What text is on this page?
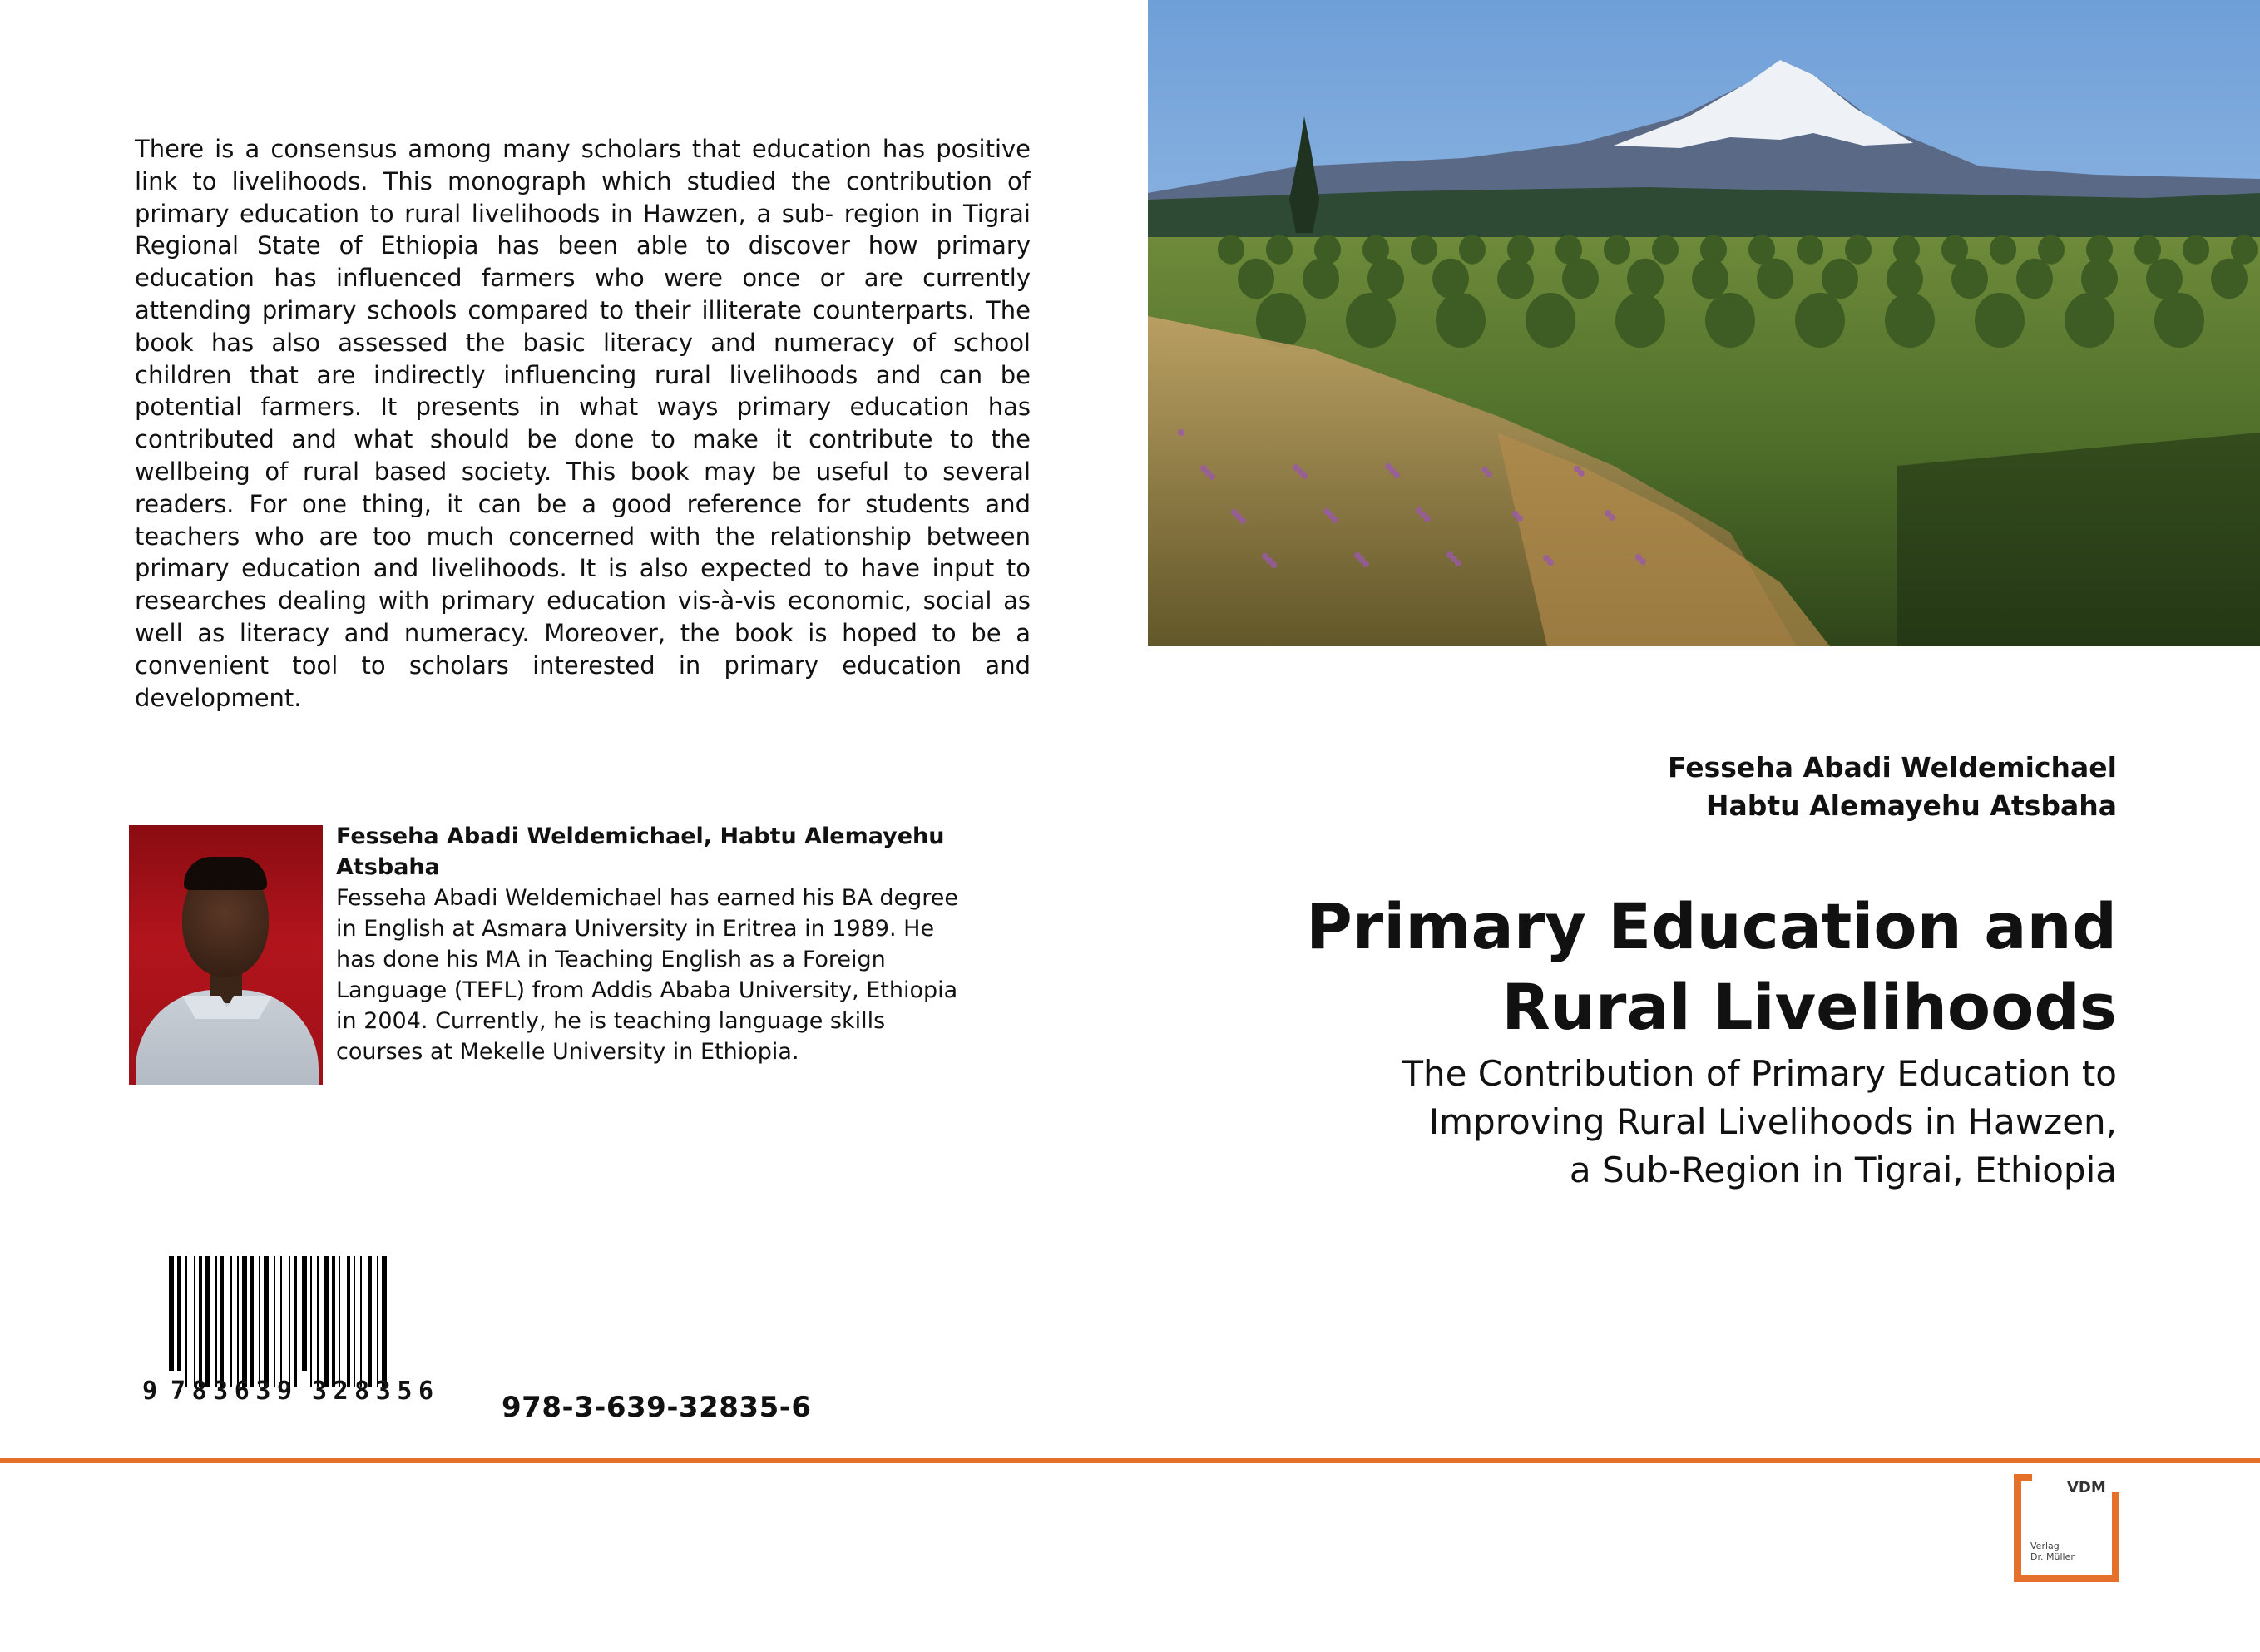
There is a consensus among many scholars that education has positive link to livelihoods. This monograph which studied the contribution of primary education to rural livelihoods in Hawzen, a sub- region in Tigrai Regional State of Ethiopia has been able to discover how primary education has influenced farmers who were once or are currently attending primary schools compared to their illiterate counterparts. The book has also assessed the basic literacy and numeracy of school children that are indirectly influencing rural livelihoods and can be potential farmers. It presents in what ways primary education has contributed and what should be done to make it contribute to the wellbeing of rural based society. This book may be useful to several readers. For one thing, it can be a good reference for students and teachers who are too much concerned with the relationship between primary education and livelihoods. It is also expected to have input to researches dealing with primary education vis-à-vis economic, social as well as literacy and numeracy. Moreover, the book is hoped to be a convenient tool to scholars interested in primary education and development.
Fesseha Abadi Weldemichael, Habtu Alemayehu Atsbaha
Fesseha Abadi Weldemichael has earned his BA degree in English at Asmara University in Eritrea in 1989. He has done his MA in Teaching English as a Foreign Language (TEFL) from Addis Ababa University, Ethiopia in 2004. Currently, he is teaching language skills courses at Mekelle University in Ethiopia.
9 783639 328356 978-3-639-32835-6
Fesseha Abadi Weldemichael
Habtu Alemayehu Atsbaha
Primary Education and
Rural Livelihoods
The Contribution of Primary Education to
Improving Rural Livelihoods in Hawzen,
a Sub-Region in Tigrai, Ethiopia
VDM
Verlag
Dr. Müller
